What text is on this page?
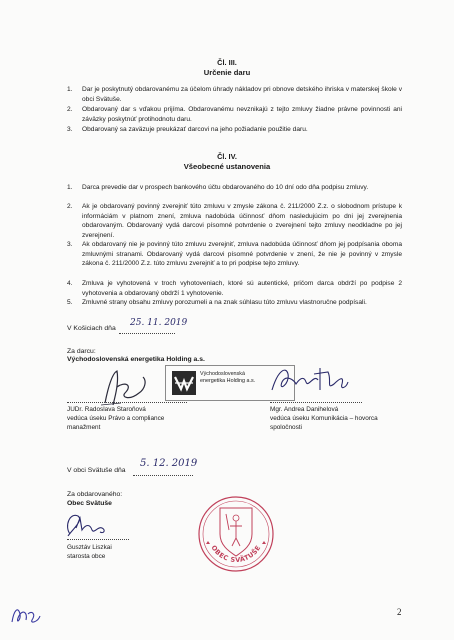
Čl. III.
Určenie daru
1. Dar je poskytnutý obdarovanému za účelom úhrady nákladov pri obnove detského ihriska v materskej škole v obci Svätuše.
2. Obdarovaný dar s vďakou prijíma. Obdarovanému nevznikajú z tejto zmluvy žiadne právne povinnosti ani záväzky poskytnúť protihodnotu daru.
3. Obdarovaný sa zaväzuje preukázať darcovi na jeho požiadanie použitie daru.
Čl. IV.
Všeobecné ustanovenia
1. Darca prevedie dar v prospech bankového účtu obdarovaného do 10 dní odo dňa podpisu zmluvy.
2. Ak je obdarovaný povinný zverejniť túto zmluvu v zmysle zákona č. 211/2000 Z.z. o slobodnom prístupe k informáciám v platnom znení, zmluva nadobúda účinnosť dňom nasledujúcim po dni jej zverejnenia obdarovaným. Obdarovaný vydá darcovi písomné potvrdenie o zverejnení tejto zmluvy neodkladne po jej zverejnení.
3. Ak obdarovaný nie je povinný túto zmluvu zverejniť, zmluva nadobúda účinnosť dňom jej podpísania oboma zmluvnými stranami. Obdarovaný vydá darcovi písomné potvrdenie v znení, že nie je povinný v zmysle zákona č. 211/2000 Z.z. túto zmluvu zverejniť a to pri podpise tejto zmluvy.
4. Zmluva je vyhotovená v troch vyhotoveniach, ktoré sú autentické, pričom darca obdrží po podpise 2 vyhotovenia a obdarovaný obdrží 1 vyhotovenie.
5. Zmluvné strany obsahu zmluvy porozumeli a na znak súhlasu túto zmluvu vlastnoručne podpísali.
V Košiciach dňa
25. 11. 2019
Za darcu:
Východoslovenská energetika Holding a.s.
Východoslovenská
energetika Holding a.s.
JUDr. Radoslava Staroňová
vedúca úseku Právo a compliance manažment
Mgr. Andrea Danihelová
vedúca úseku Komunikácia – hovorca spoločnosti
V obci Svätuše dňa
5. 12. 2019
Za obdarovaného:
Obec Svätuše
Gusztáv Liszkai
starosta obce
OBEC SVÄTUŠE
2
